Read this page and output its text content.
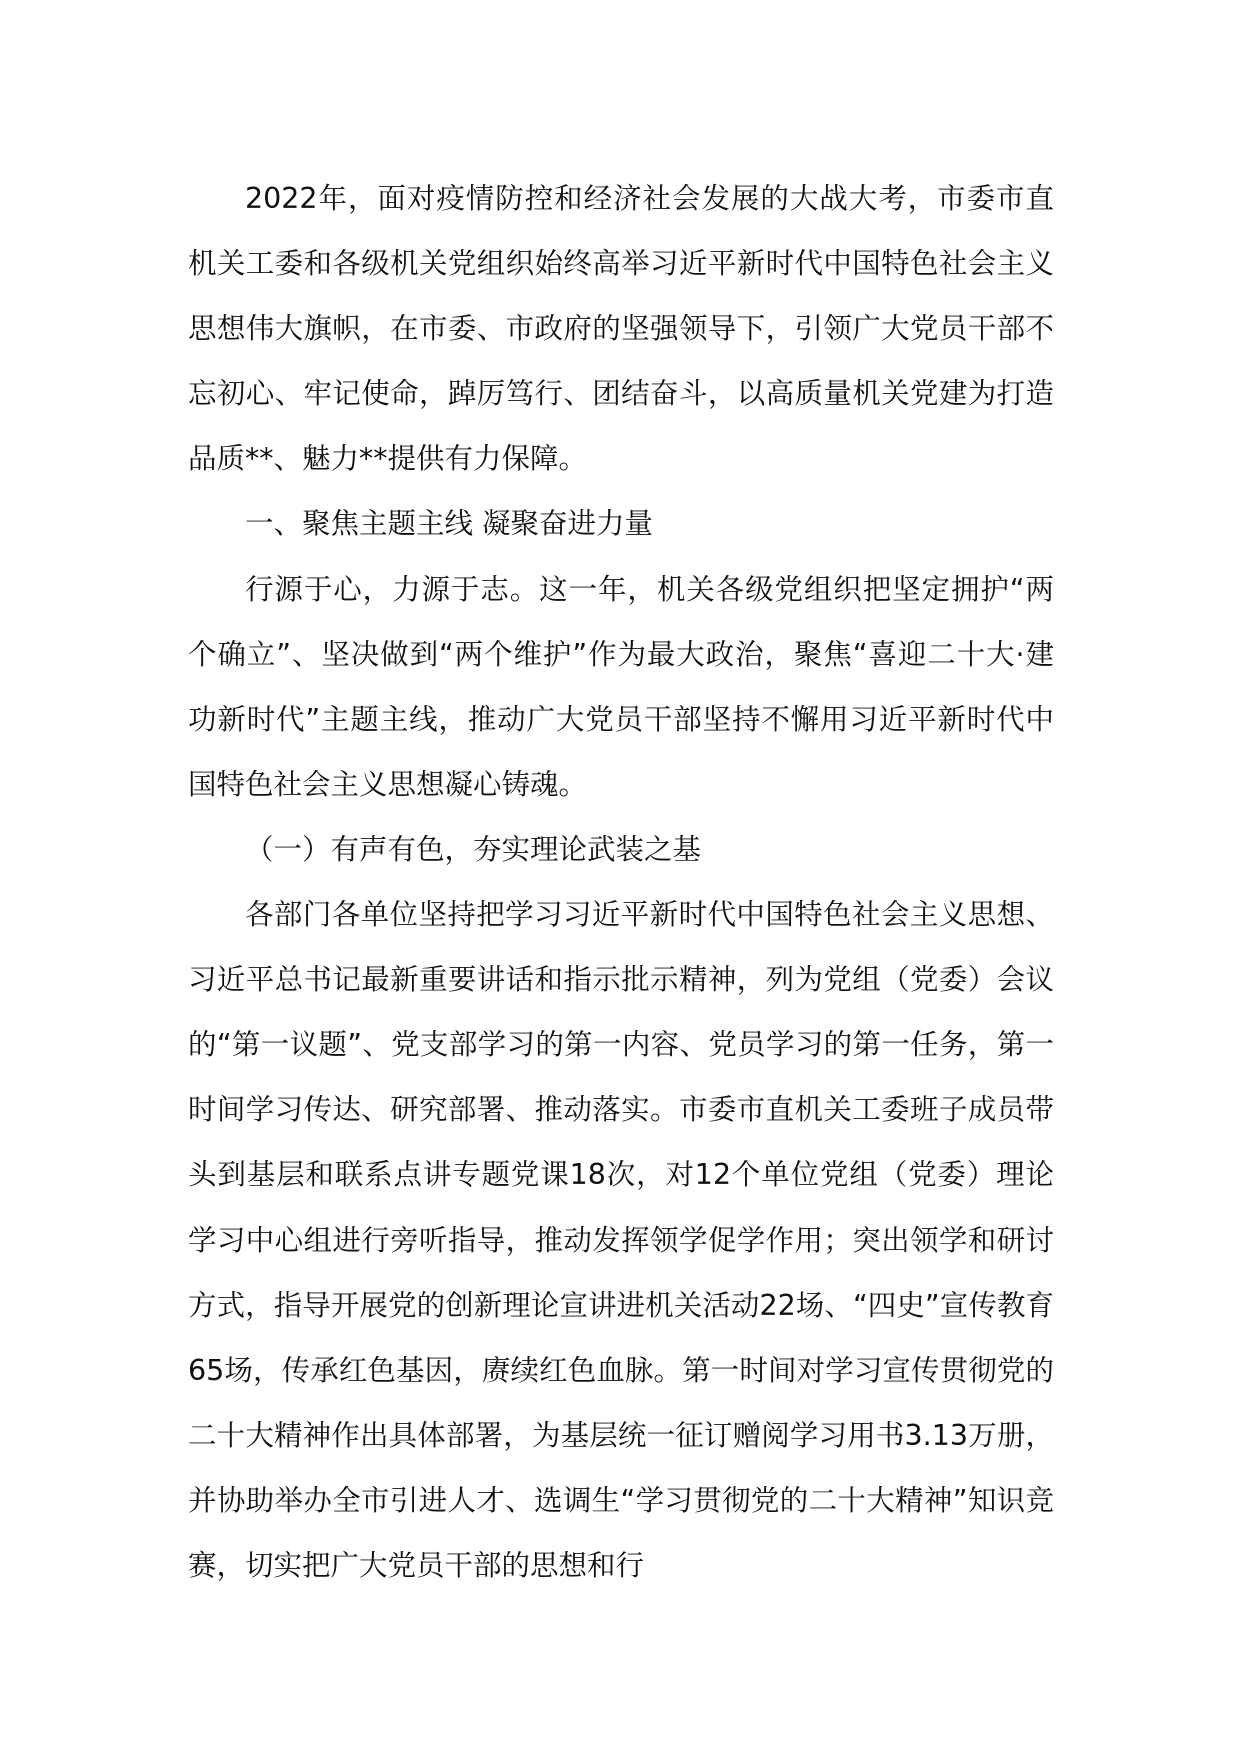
2022年，面对疫情防控和经济社会发展的大战大考，市委市直机关工委和各级机关党组织始终高举习近平新时代中国特色社会主义思想伟大旗帜，在市委、市政府的坚强领导下，引领广大党员干部不忘初心、牢记使命，踔厉笃行、团结奋斗，以高质量机关党建为打造品质**、魅力**提供有力保障。

一、聚焦主题主线 凝聚奋进力量

行源于心，力源于志。这一年，机关各级党组织把坚定拥护“两个确立”、坚决做到“两个维护”作为最大政治，聚焦“喜迎二十大·建功新时代”主题主线，推动广大党员干部坚持不懈用习近平新时代中国特色社会主义思想凝心铸魂。

（一）有声有色，夯实理论武装之基

各部门各单位坚持把学习习近平新时代中国特色社会主义思想、习近平总书记最新重要讲话和指示批示精神，列为党组（党委）会议的“第一议题”、党支部学习的第一内容、党员学习的第一任务，第一时间学习传达、研究部署、推动落实。市委市直机关工委班子成员带头到基层和联系点讲专题党课18次，对12个单位党组（党委）理论学习中心组进行旁听指导，推动发挥领学促学作用；突出领学和研讨方式，指导开展党的创新理论宣讲进机关活动22场、“四史”宣传教育65场，传承红色基因，赓续红色血脉。第一时间对学习宣传贯彻党的二十大精神作出具体部署，为基层统一征订赠阅学习用书3.13万册，并协助举办全市引进人才、选调生“学习贯彻党的二十大精神”知识竞赛，切实把广大党员干部的思想和行
